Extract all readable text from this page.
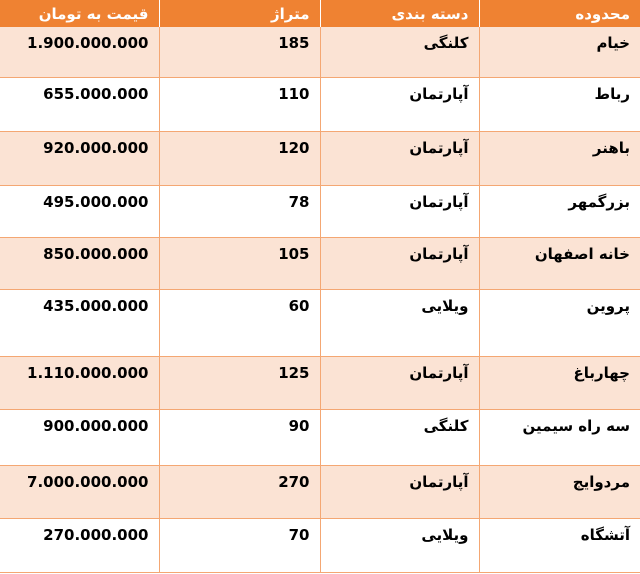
قیمت به تومان	متراژ	دسته بندی	محدوده
1.900.000.000	185	کلنگی	خیام
655.000.000	110	آپارتمان	رباط
920.000.000	120	آپارتمان	باهنر
495.000.000	78	آپارتمان	بزرگمهر
850.000.000	105	آپارتمان	خانه اصفهان
435.000.000	60	ویلایی	پروین
1.110.000.000	125	آپارتمان	چهارباغ
900.000.000	90	کلنگی	سه راه سیمین
7.000.000.000	270	آپارتمان	مردوایج
270.000.000	70	ویلایی	آتشگاه
